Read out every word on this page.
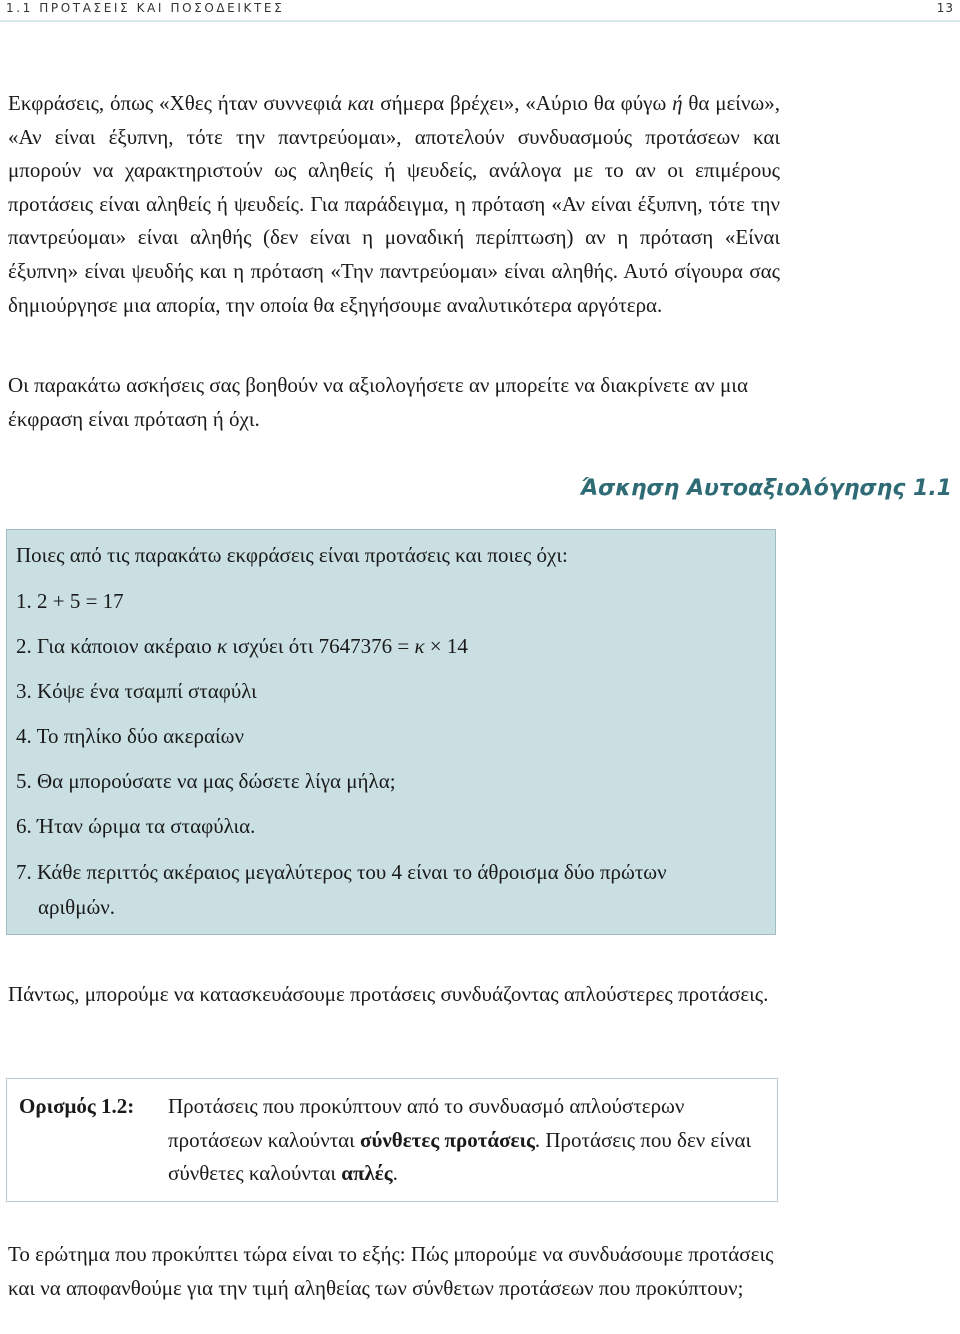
1.1 ΠΡΟΤΑΣΕΙΣ ΚΑΙ ΠΟΣΟΔΕΙΚΤΕΣ	13

Εκφράσεις, όπως «Χθες ήταν συννεφιά και σήμερα βρέχει», «Αύριο θα φύγω ή θα μείνω», «Αν είναι έξυπνη, τότε την παντρεύομαι», αποτελούν συνδυασμούς προτάσεων και μπορούν να χαρακτηριστούν ως αληθείς ή ψευδείς, ανάλογα με το αν οι επιμέρους προτάσεις είναι αληθείς ή ψευδείς. Για παράδειγμα, η πρόταση «Αν είναι έξυπνη, τότε την παντρεύομαι» είναι αληθής (δεν είναι η μοναδική περίπτωση) αν η πρόταση «Είναι έξυπνη» είναι ψευδής και η πρόταση «Την παντρεύομαι» είναι αληθής. Αυτό σίγουρα σας δημιούργησε μια απορία, την οποία θα εξηγήσουμε αναλυτικότερα αργότερα.

Οι παρακάτω ασκήσεις σας βοηθούν να αξιολογήσετε αν μπορείτε να διακρίνετε αν μια έκφραση είναι πρόταση ή όχι.

Άσκηση Αυτοαξιολόγησης 1.1
Ποιες από τις παρακάτω εκφράσεις είναι προτάσεις και ποιες όχι:
1. 2 + 5 = 17
2. Για κάποιον ακέραιο κ ισχύει ότι 7647376 = κ × 14
3. Κόψε ένα τσαμπί σταφύλι
4. Το πηλίκο δύο ακεραίων
5. Θα μπορούσατε να μας δώσετε λίγα μήλα;
6. Ήταν ώριμα τα σταφύλια.
7. Κάθε περιττός ακέραιος μεγαλύτερος του 4 είναι το άθροισμα δύο πρώτων
αριθμών.

Πάντως, μπορούμε να κατασκευάσουμε προτάσεις συνδυάζοντας απλούστερες προτάσεις.

Ορισμός 1.2: Προτάσεις που προκύπτουν από το συνδυασμό απλούστερων προτάσεων καλούνται σύνθετες προτάσεις. Προτάσεις που δεν είναι σύνθετες καλούνται απλές.

Το ερώτημα που προκύπτει τώρα είναι το εξής: Πώς μπορούμε να συνδυάσουμε προτάσεις και να αποφανθούμε για την τιμή αληθείας των σύνθετων προτάσεων που προκύπτουν;
